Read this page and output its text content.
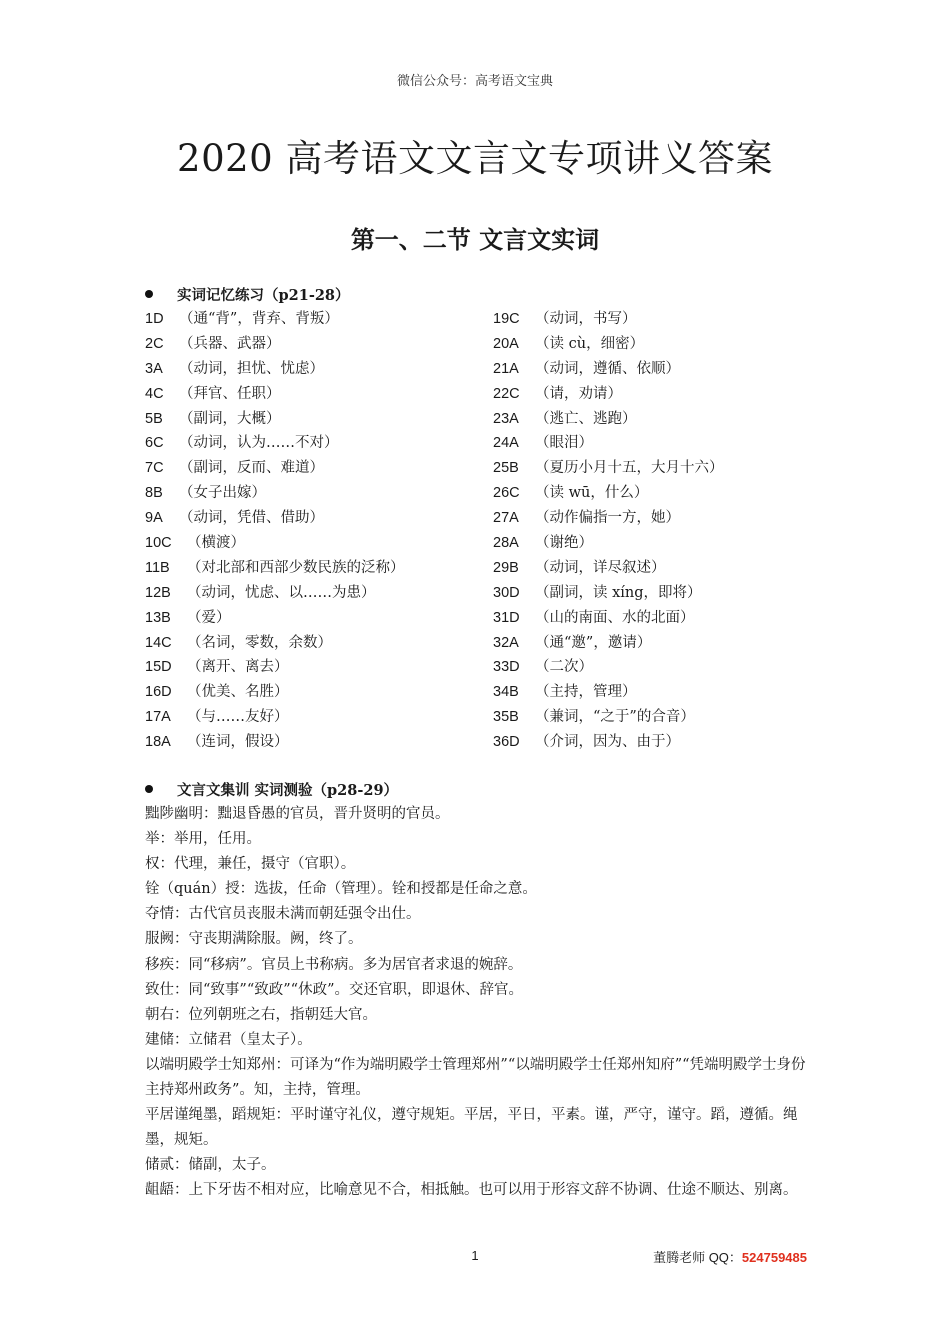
微信公众号：高考语文宝典
2020 高考语文文言文专项讲义答案
第一、二节 文言文实词
实词记忆练习（p21-28）
1D （通“背”，背弃、背叛）
2C （兵器、武器）
3A （动词，担忧、忧虑）
4C （拜官、任职）
5B （副词，大概）
6C （动词，认为……不对）
7C （副词，反而、难道）
8B （女子出嫁）
9A （动词，凭借、借助）
10C （横渡）
11B （对北部和西部少数民族的泛称）
12B （动词，忧虑、以……为患）
13B （爱）
14C （名词，零数，余数）
15D （离开、离去）
16D （优美、名胜）
17A （与……友好）
18A （连词，假设）
19C （动词，书写）
20A （读 cù，细密）
21A （动词，遵循、依顺）
22C （请，劝请）
23A （逃亡、逃跑）
24A （眼泪）
25B （夏历小月十五，大月十六）
26C （读 wū，什么）
27A （动作偏指一方，她）
28A （谢绝）
29B （动词，详尽叙述）
30D （副词，读 xíng，即将）
31D （山的南面、水的北面）
32A （通“邀”，邀请）
33D （二次）
34B （主持，管理）
35B （兼词，“之于”的合音）
36D （介词，因为、由于）
文言文集训 实词测验（p28-29）

黜陟幽明：黜退昏愚的官员，晋升贤明的官员。

举：举用，任用。

权：代理，兼任，摄守（官职）。

铨（quán）授：选拔，任命（管理）。铨和授都是任命之意。

夺情：古代官员丧服未满而朝廷强令出仕。

服阙：守丧期满除服。阙，终了。

移疾：同“移病”。官员上书称病。多为居官者求退的婉辞。

致仕：同“致事”“致政”“休政”。交还官职，即退休、辞官。

朝右：位列朝班之右，指朝廷大官。

建储：立储君（皇太子）。

以端明殿学士知郑州：可译为“作为端明殿学士管理郑州”“以端明殿学士任郑州知府”“凭端明殿学士身份主持郑州政务”。知，主持，管理。

平居谨绳墨，蹈规矩：平时谨守礼仪，遵守规矩。平居，平日，平素。谨，严守，谨守。蹈，遵循。绳墨，规矩。

储贰：储副，太子。

龃龉：上下牙齿不相对应，比喻意见不合，相抵触。也可以用于形容文辞不协调、仕途不顺达、别离。

1	董腾老师 QQ：524759485
